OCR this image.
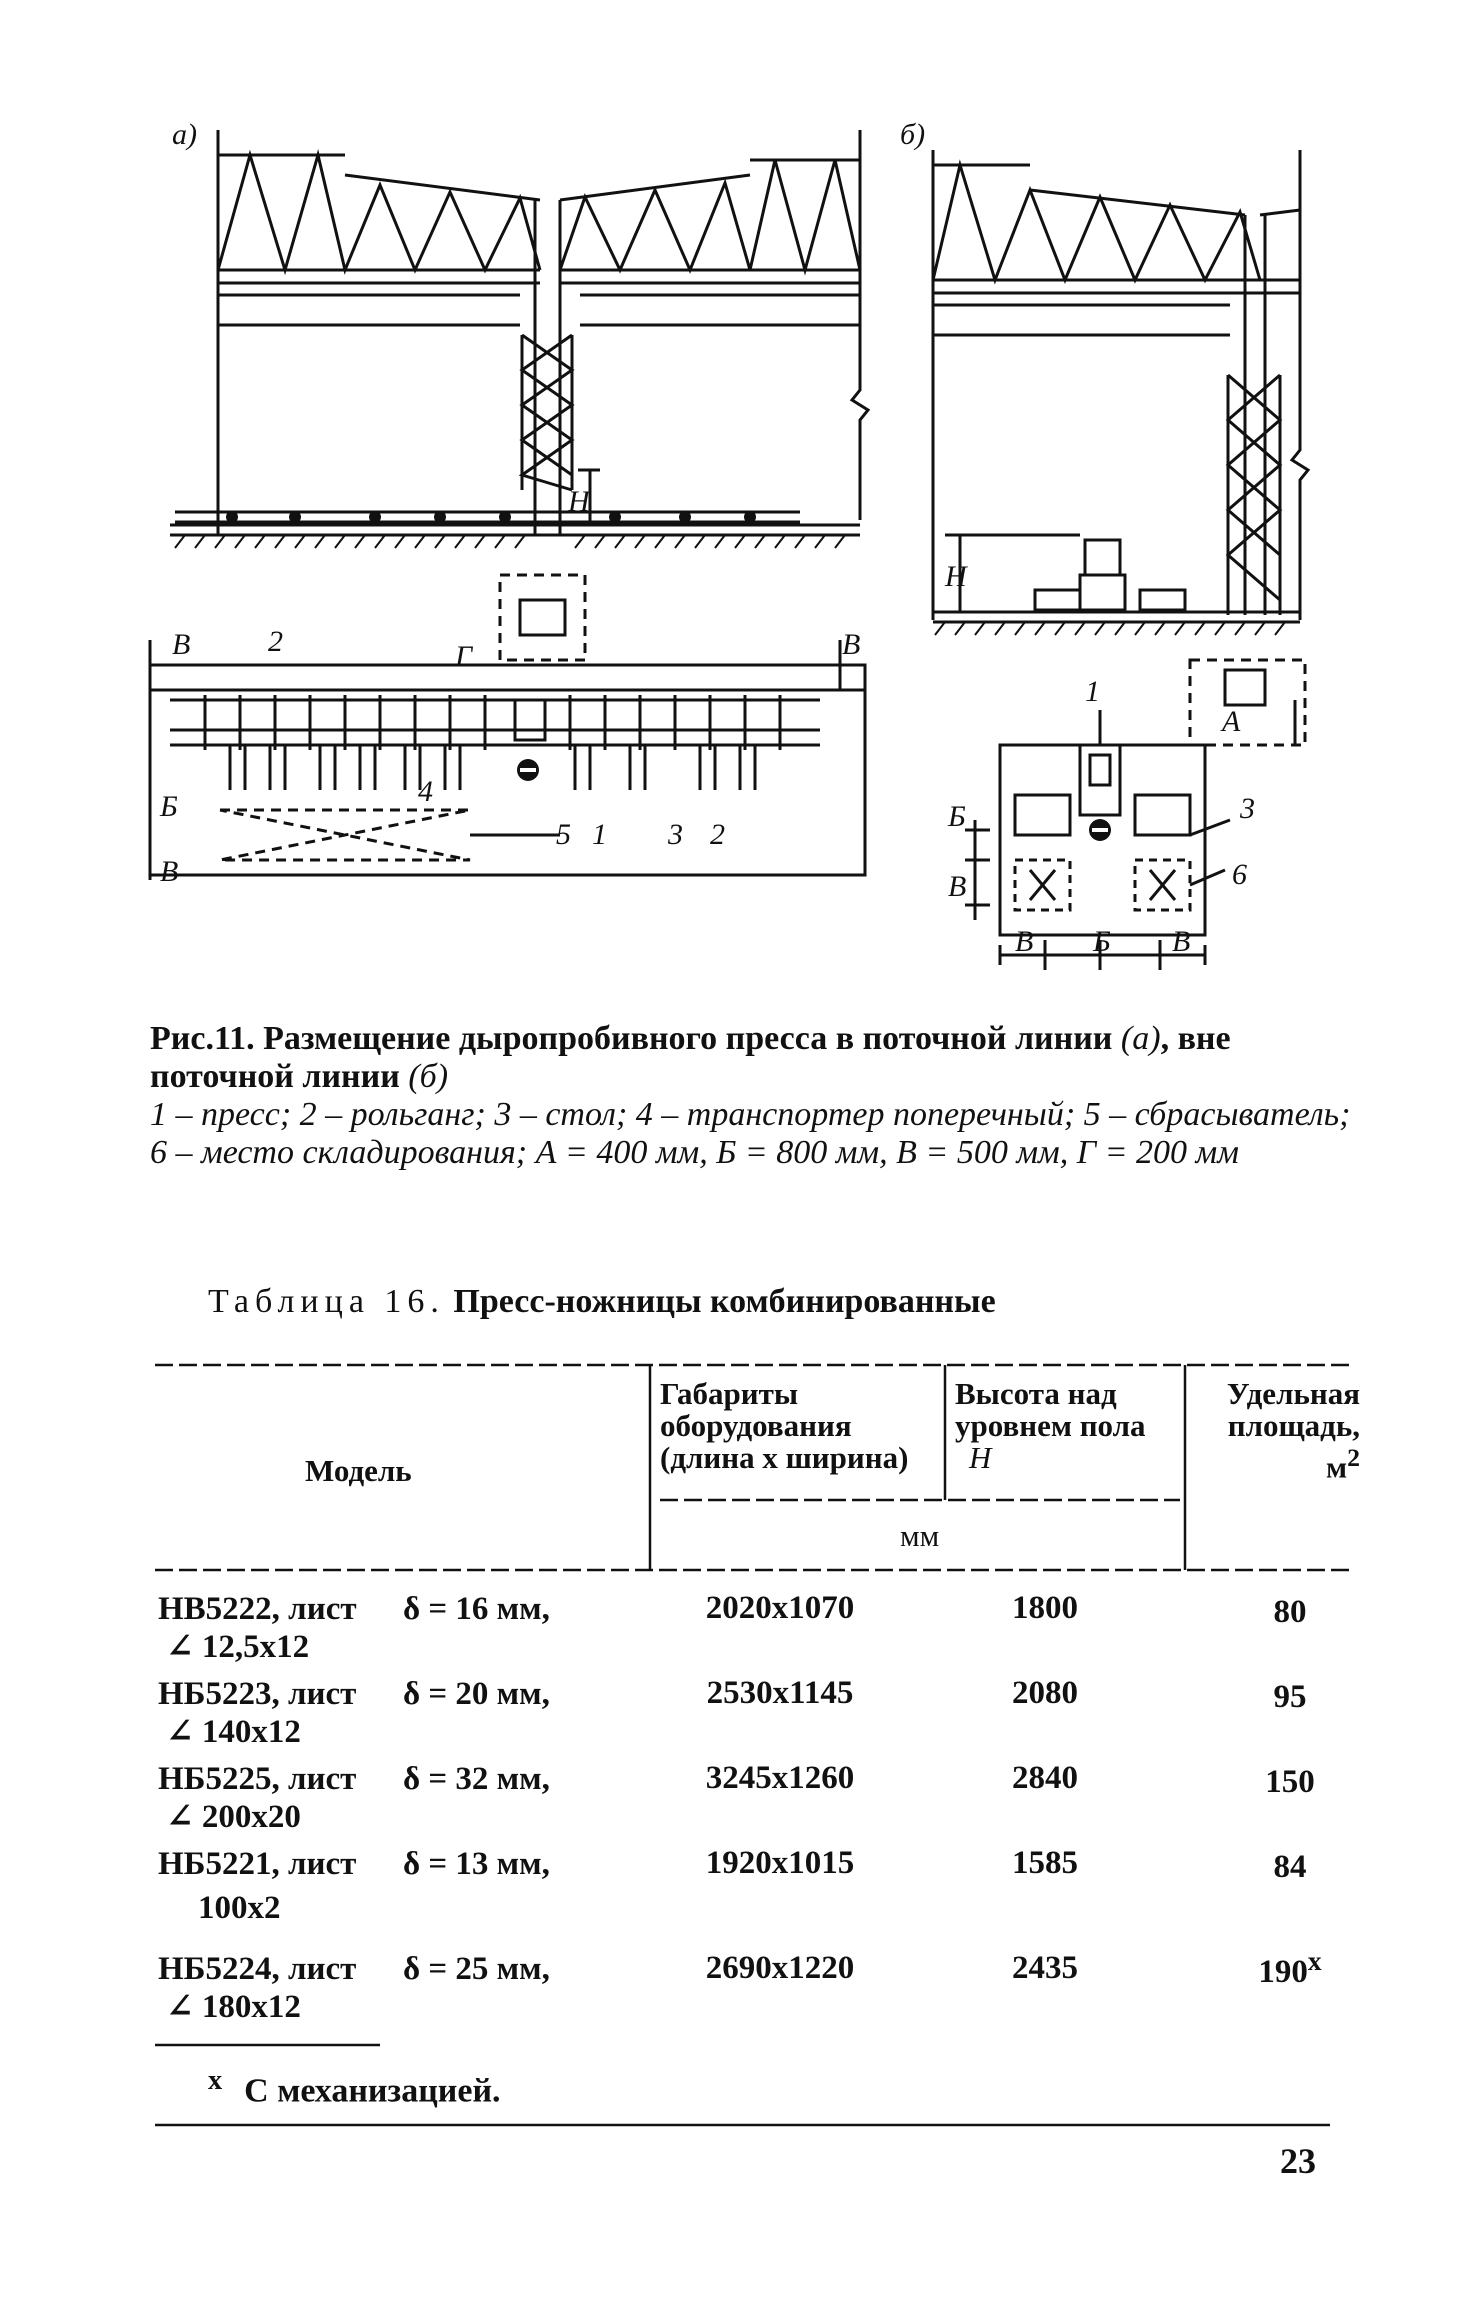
а)	б)
2	Г
В	В
Б
В
4
5 1 3 2
Н
Н
1
А
3
6
Б
В
В Б В
Рис.11. Размещение дыропробивного пресса в поточной линии (а), вне поточной линии (б)
1 – пресс; 2 – рольганг; 3 – стол; 4 – транспортер поперечный; 5 – сбрасыватель; 6 – место складирования; А = 400 мм, Б = 800 мм, В = 500 мм, Г = 200 мм
Таблица 16. Пресс-ножницы комбинированные
Модель
Габариты оборудования (длина х ширина)
Высота над уровнем пола Н
Удельная площадь,
$м^2$
мм
НВ5222, лист δ = 16 мм,

∠ 12,5х12
2020х1070	1800	80
НБ5223, лист δ = 20 мм,

∠ 140х12
2530х1145	2080	95
НБ5225, лист δ = 32 мм,

∠ 200х20
3245х1260	2840	150
НБ5221, лист δ = 13 мм,

100х2
1920х1015	1585	84
НБ5224, лист δ = 25 мм,

∠ 180х12
2690х1220	2435	$190^х$
$^х$ С механизацией.
23
